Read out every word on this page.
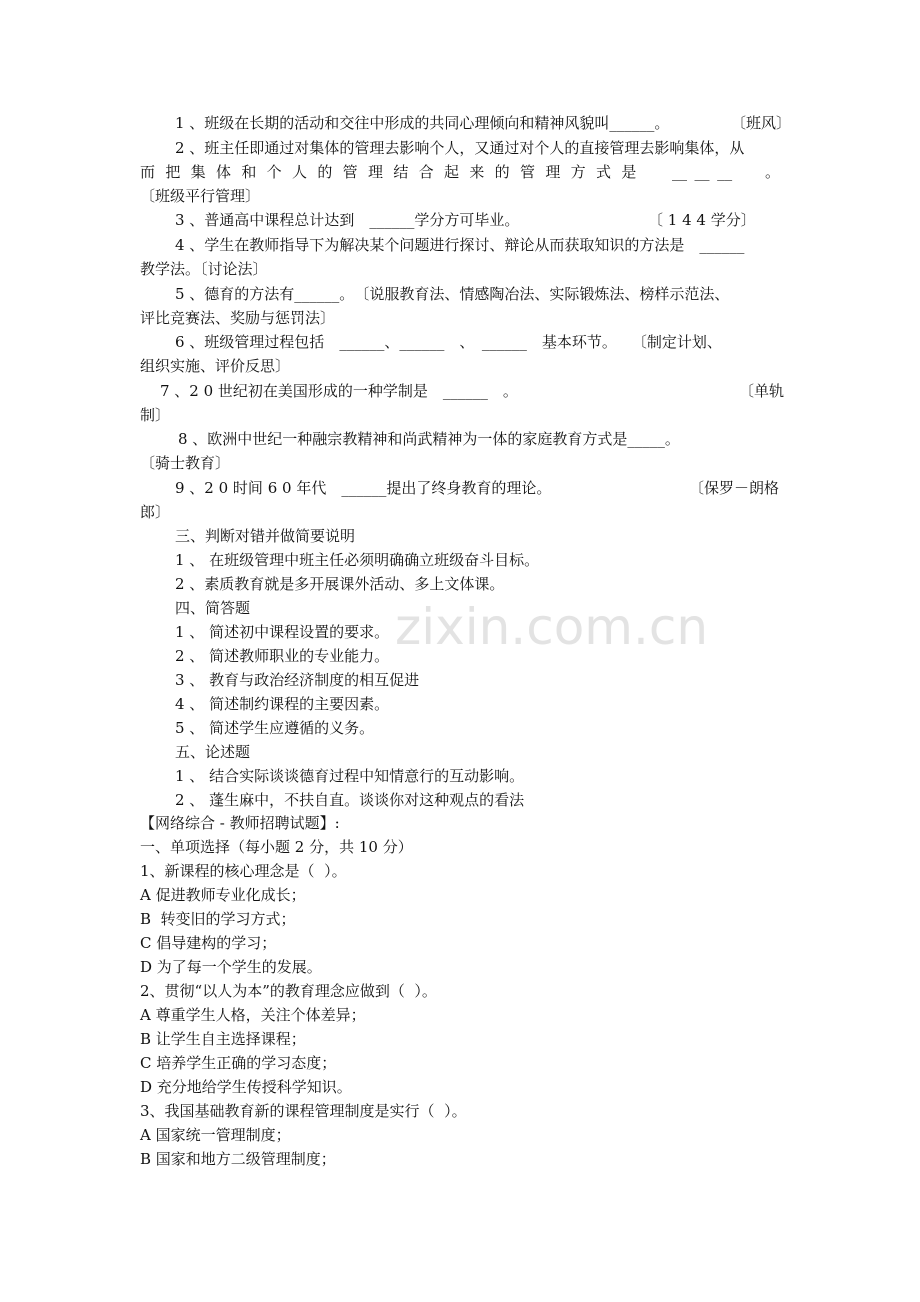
zixin.com.cn
1 、班级在长期的活动和交往中形成的共同心理倾向和精神风貌叫______。	〔班风〕
2 、班主任即通过对集体的管理去影响个人，又通过对个人的直接管理去影响集体，从
而 把 集 体 和 个 人 的 管 理 结 合 起 来 的 管 理 方 式 是 　 __ __ __ 　 。
〔班级平行管理〕
3 、普通高中课程总计达到　______学分方可毕业。	〔 1 4 4 学分〕
4 、学生在教师指导下为解决某个问题进行探讨、辩论从而获取知识的方法是　______
教学法。〔讨论法〕
5 、德育的方法有______。　〔说服教育法、情感陶冶法、实际锻炼法、榜样示范法、
评比竞赛法、奖励与惩罚法〕
6 、班级管理过程包括　______、______　、　______　基本环节。　　〔制定计划、
组织实施、评价反思〕
7 、2 0 世纪初在美国形成的一种学制是　______　。	〔单轨
制〕
8 、欧洲中世纪一种融宗教精神和尚武精神为一体的家庭教育方式是_____。
〔骑士教育〕
9 、2 0 时间 6 0 年代　______提出了终身教育的理论。	〔保罗－朗格
郎〕
三、判断对错并做简要说明
1 、 在班级管理中班主任必须明确确立班级奋斗目标。
2 、素质教育就是多开展课外活动、多上文体课。
四、简答题
1 、 简述初中课程设置的要求。
2 、 简述教师职业的专业能力。
3 、 教育与政治经济制度的相互促进
4 、 简述制约课程的主要因素。
5 、 简述学生应遵循的义务。
五、论述题
1 、 结合实际谈谈德育过程中知情意行的互动影响。
2 、 蓬生麻中，不扶自直。谈谈你对这种观点的看法
【网络综合 - 教师招聘试题】:
一、单项选择（每小题 2 分，共 10 分）
1、新课程的核心理念是（  ）。
A 促进教师专业化成长；
B  转变旧的学习方式；
C 倡导建构的学习；
D 为了每一个学生的发展。
2、贯彻“以人为本”的教育理念应做到（  ）。
A 尊重学生人格，关注个体差异；
B 让学生自主选择课程；
C 培养学生正确的学习态度；
D 充分地给学生传授科学知识。
3、我国基础教育新的课程管理制度是实行（  ）。
A 国家统一管理制度；
B 国家和地方二级管理制度；
